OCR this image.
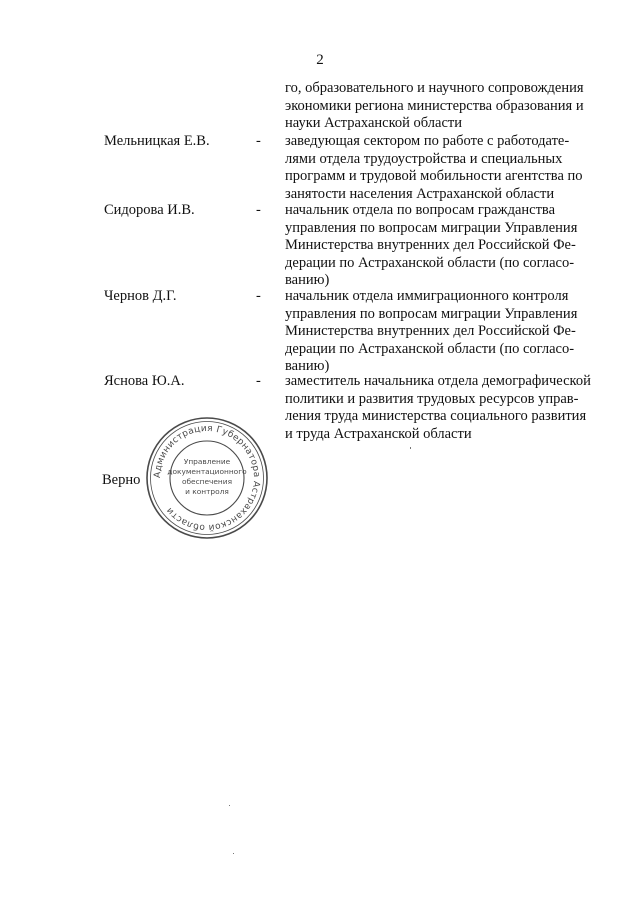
2
го, образовательного и научного сопровождения
экономики региона министерства образования и
науки Астраханской области
Мельницкая Е.В.	- заведующая сектором по работе с работодате-
лями отдела трудоустройства и специальных
программ и трудовой мобильности агентства по
занятости населения Астраханской области
Сидорова И.В.	- начальник отдела по вопросам гражданства
управления по вопросам миграции Управления
Министерства внутренних дел Российской Фе-
дерации по Астраханской области (по согласо-
ванию)
Чернов Д.Г.	- начальник отдела иммиграционного контроля
управления по вопросам миграции Управления
Министерства внутренних дел Российской Фе-
дерации по Астраханской области (по согласо-
ванию)
Яснова Ю.А.	- заместитель начальника отдела демографической
политики и развития трудовых ресурсов управ-
ления труда министерства социального развития
и труда Астраханской области
Верно Администрация Губернатора Астраханской области
Управление
документационного
обеспечения
и контроля
